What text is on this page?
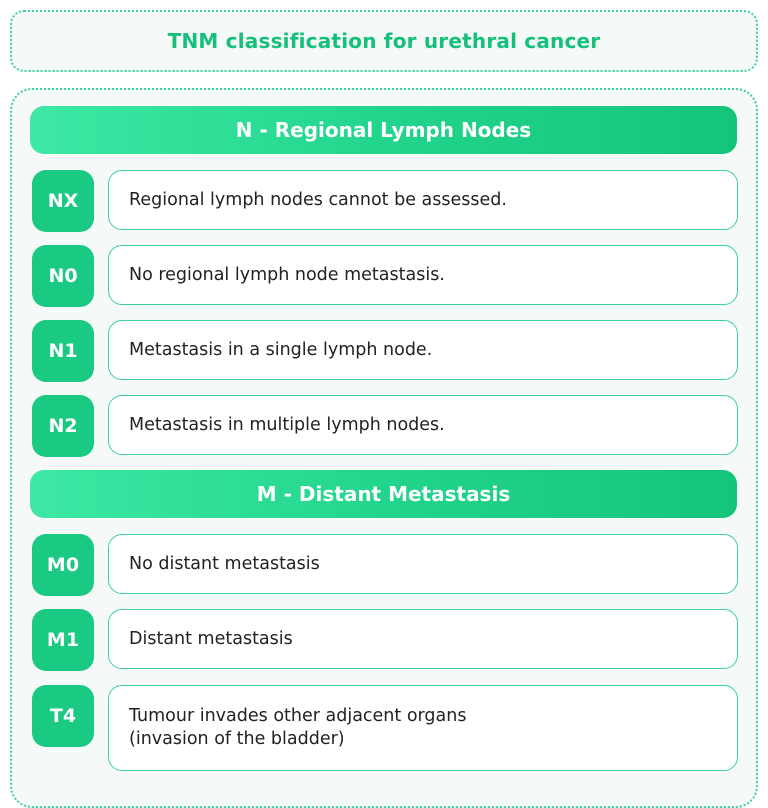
TNM classification for urethral cancer
N - Regional Lymph Nodes
NX	Regional lymph nodes cannot be assessed.
N0	No regional lymph node metastasis.
N1	Metastasis in a single lymph node.
N2	Metastasis in multiple lymph nodes.
M - Distant Metastasis
M0	No distant metastasis
M1	Distant metastasis
T4	Tumour invades other adjacent organs
(invasion of the bladder)
